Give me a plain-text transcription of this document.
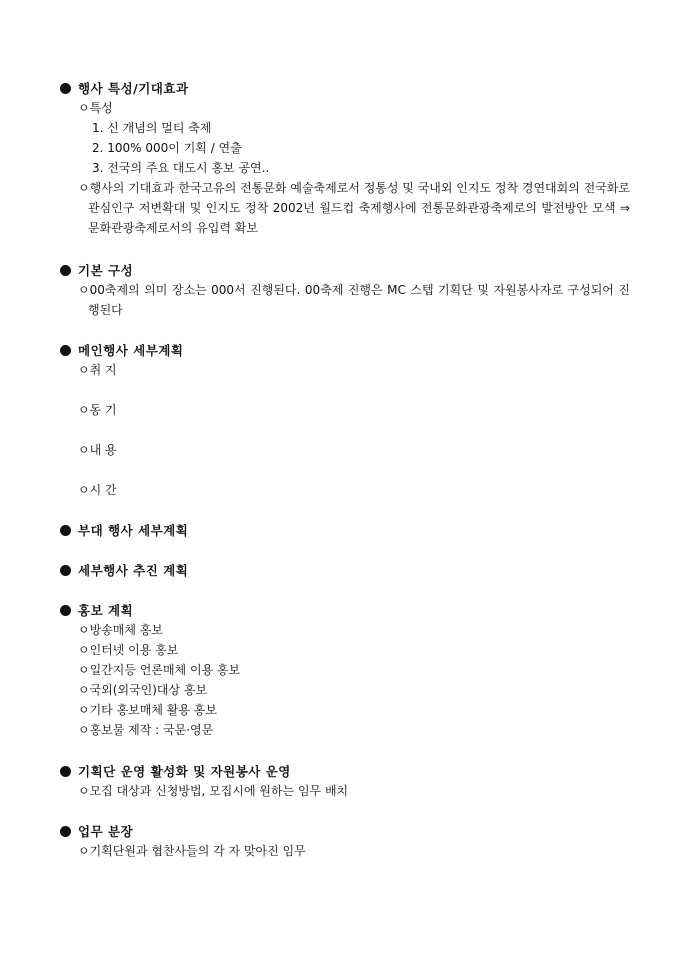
행사 특성/기대효과
ㅇ특성
1. 신 개념의 멀티 축제
2. 100% 000이 기획 / 연출
3. 전국의 주요 대도시 홍보 공연..
ㅇ행사의 기대효과 한국고유의 전통문화 예술축제로서 정통성 및 국내외 인지도 정착 경연대회의 전국화로 관심인구 저변확대 및 인지도 정착 2002년 월드컵 축제행사에 전통문화관광축제로의 발전방안 모색 ⇒ 문화관광축제로서의 유입력 확보
기본 구성
ㅇ00축제의 의미 장소는 000서 진행된다. 00축제 진행은 MC 스텝 기획단 및 자원봉사자로 구성되어 진행된다
메인행사 세부계획
ㅇ취 지
ㅇ동 기
ㅇ내 용
ㅇ시 간
부대 행사 세부계획
세부행사 추진 계획
홍보 계획
ㅇ방송매체 홍보
ㅇ인터넷 이용 홍보
ㅇ일간지등 언론매체 이용 홍보
ㅇ국외(외국인)대상 홍보
ㅇ기타 홍보매체 활용 홍보
ㅇ홍보물 제작 : 국문·영문
기획단 운영 활성화 및 자원봉사 운영
ㅇ모집 대상과 신청방법, 모집시에 원하는 임무 배치
업무 분장
ㅇ기획단원과 협찬사들의 각 자 맞아진 임무
